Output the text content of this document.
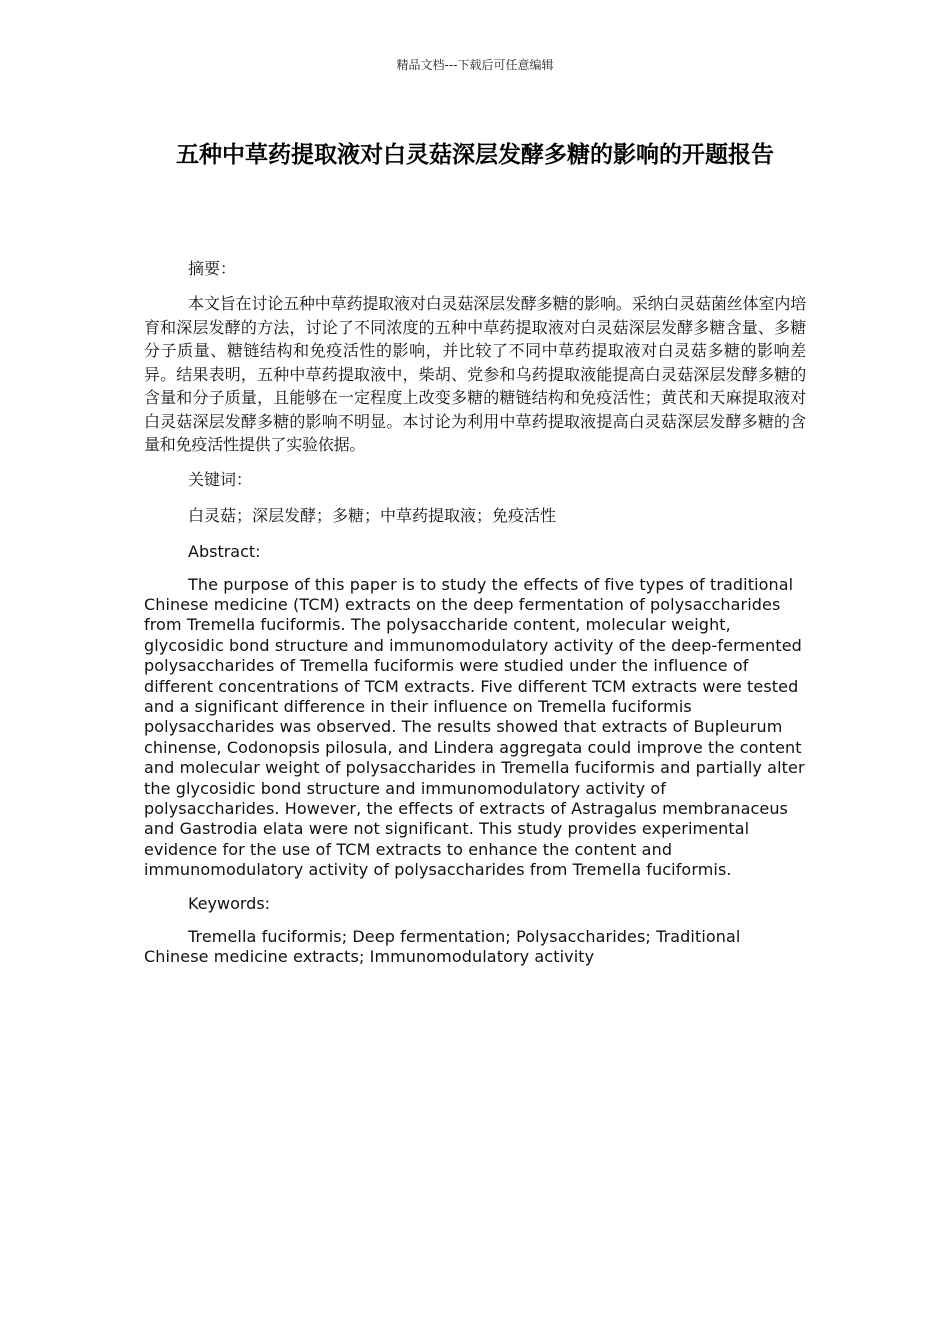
精品文档---下载后可任意编辑
五种中草药提取液对白灵菇深层发酵多糖的影响的开题报告

摘要：

本文旨在讨论五种中草药提取液对白灵菇深层发酵多糖的影响。采纳白灵菇菌丝体室内培育和深层发酵的方法，讨论了不同浓度的五种中草药提取液对白灵菇深层发酵多糖含量、多糖分子质量、糖链结构和免疫活性的影响，并比较了不同中草药提取液对白灵菇多糖的影响差异。结果表明，五种中草药提取液中，柴胡、党参和乌药提取液能提高白灵菇深层发酵多糖的含量和分子质量，且能够在一定程度上改变多糖的糖链结构和免疫活性；黄芪和天麻提取液对白灵菇深层发酵多糖的影响不明显。本讨论为利用中草药提取液提高白灵菇深层发酵多糖的含量和免疫活性提供了实验依据。

关键词：

白灵菇；深层发酵；多糖；中草药提取液；免疫活性

Abstract:

The purpose of this paper is to study the effects of five types of traditional Chinese medicine (TCM) extracts on the deep fermentation of polysaccharides from Tremella fuciformis. The polysaccharide content, molecular weight, glycosidic bond structure and immunomodulatory activity of the deep-fermented polysaccharides of Tremella fuciformis were studied under the influence of different concentrations of TCM extracts. Five different TCM extracts were tested and a significant difference in their influence on Tremella fuciformis polysaccharides was observed. The results showed that extracts of Bupleurum chinense, Codonopsis pilosula, and Lindera aggregata could improve the content and molecular weight of polysaccharides in Tremella fuciformis and partially alter the glycosidic bond structure and immunomodulatory activity of polysaccharides. However, the effects of extracts of Astragalus membranaceus and Gastrodia elata were not significant. This study provides experimental evidence for the use of TCM extracts to enhance the content and immunomodulatory activity of polysaccharides from Tremella fuciformis.

Keywords:

Tremella fuciformis; Deep fermentation; Polysaccharides; Traditional Chinese medicine extracts; Immunomodulatory activity
